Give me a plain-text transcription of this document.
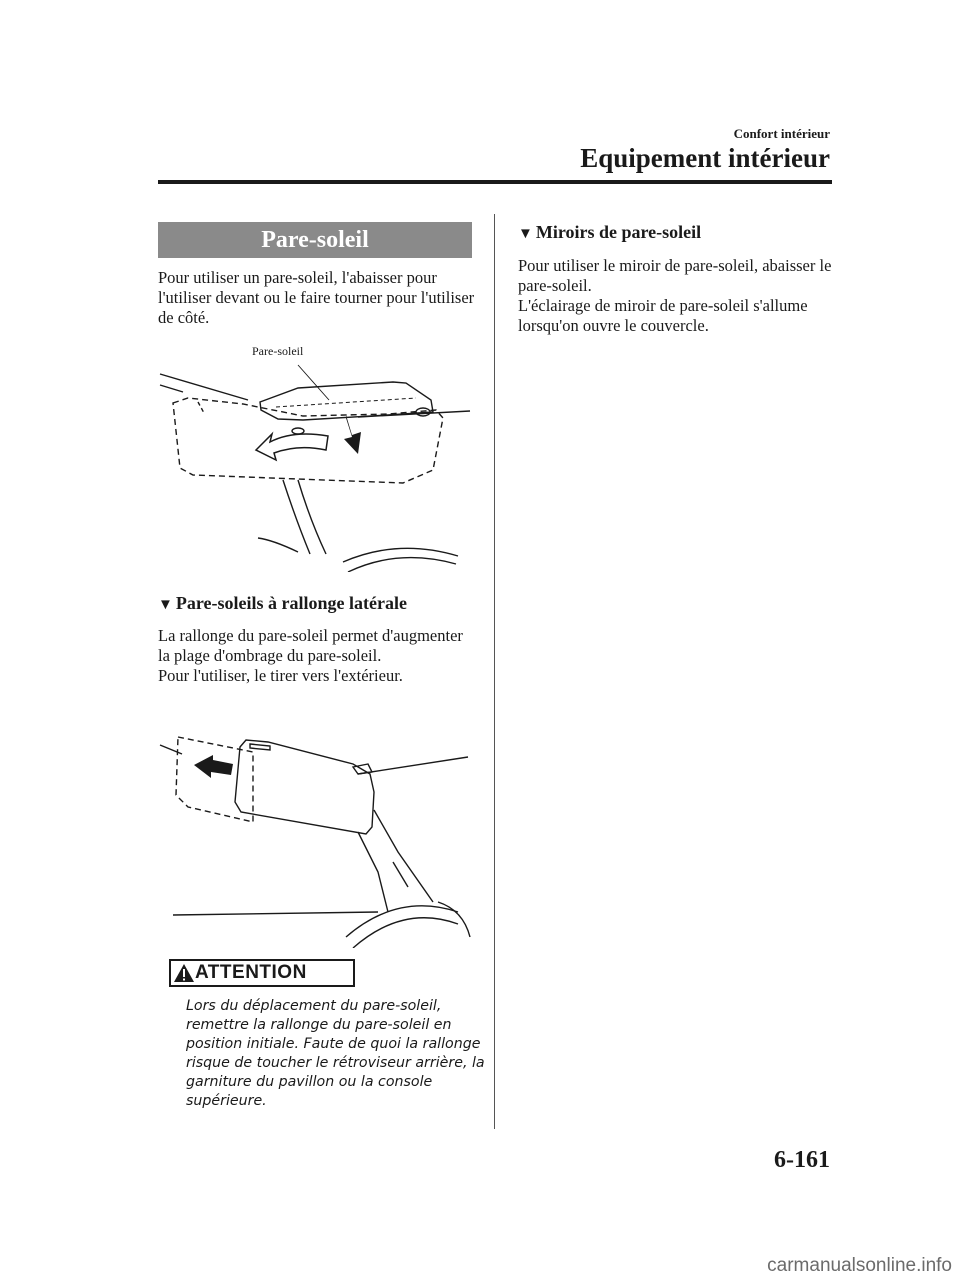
Confort intérieur
Equipement intérieur
Pare-soleil
Pour utiliser un pare-soleil, l'abaisser pour l'utiliser devant ou le faire tourner pour l'utiliser de côté.
Pare-soleil
▼ Pare-soleils à rallonge latérale
La rallonge du pare-soleil permet d'augmenter la plage d'ombrage du pare-soleil.
Pour l'utiliser, le tirer vers l'extérieur.
ATTENTION
Lors du déplacement du pare-soleil, remettre la rallonge du pare-soleil en position initiale. Faute de quoi la rallonge risque de toucher le rétroviseur arrière, la garniture du pavillon ou la console supérieure.
▼ Miroirs de pare-soleil
Pour utiliser le miroir de pare-soleil, abaisser le pare-soleil.
L'éclairage de miroir de pare-soleil s'allume lorsqu'on ouvre le couvercle.
6-161
carmanualsonline.info
